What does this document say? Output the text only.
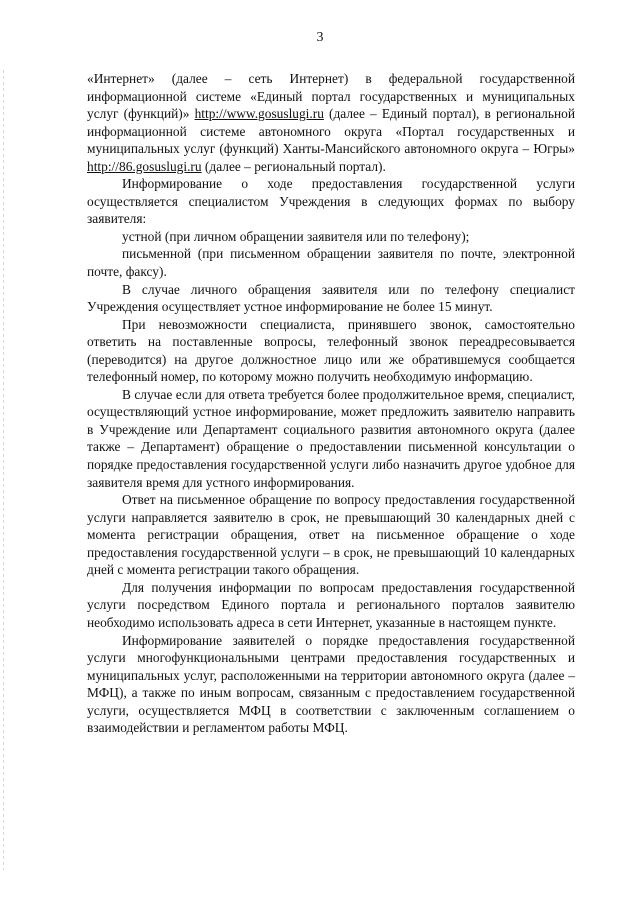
3

«Интернет» (далее – сеть Интернет) в федеральной государственной информационной системе «Единый портал государственных и муниципальных услуг (функций)» http://www.gosuslugi.ru (далее – Единый портал), в региональной информационной системе автономного округа «Портал государственных и муниципальных услуг (функций) Ханты-Мансийского автономного округа – Югры» http://86.gosuslugi.ru (далее – региональный портал).

Информирование о ходе предоставления государственной услуги осуществляется специалистом Учреждения в следующих формах по выбору заявителя:

устной (при личном обращении заявителя или по телефону);

письменной (при письменном обращении заявителя по почте, электронной почте, факсу).

В случае личного обращения заявителя или по телефону специалист Учреждения осуществляет устное информирование не более 15 минут.

При невозможности специалиста, принявшего звонок, самостоятельно ответить на поставленные вопросы, телефонный звонок переадресовывается (переводится) на другое должностное лицо или же обратившемуся сообщается телефонный номер, по которому можно получить необходимую информацию.

В случае если для ответа требуется более продолжительное время, специалист, осуществляющий устное информирование, может предложить заявителю направить в Учреждение или Департамент социального развития автономного округа (далее также – Департамент) обращение о предоставлении письменной консультации о порядке предоставления государственной услуги либо назначить другое удобное для заявителя время для устного информирования.

Ответ на письменное обращение по вопросу предоставления государственной услуги направляется заявителю в срок, не превышающий 30 календарных дней с момента регистрации обращения, ответ на письменное обращение о ходе предоставления государственной услуги – в срок, не превышающий 10 календарных дней с момента регистрации такого обращения.

Для получения информации по вопросам предоставления государственной услуги посредством Единого портала и регионального порталов заявителю необходимо использовать адреса в сети Интернет, указанные в настоящем пункте.

Информирование заявителей о порядке предоставления государственной услуги многофункциональными центрами предоставления государственных и муниципальных услуг, расположенными на территории автономного округа (далее – МФЦ), а также по иным вопросам, связанным с предоставлением государственной услуги, осуществляется МФЦ в соответствии с заключенным соглашением о взаимодействии и регламентом работы МФЦ.
